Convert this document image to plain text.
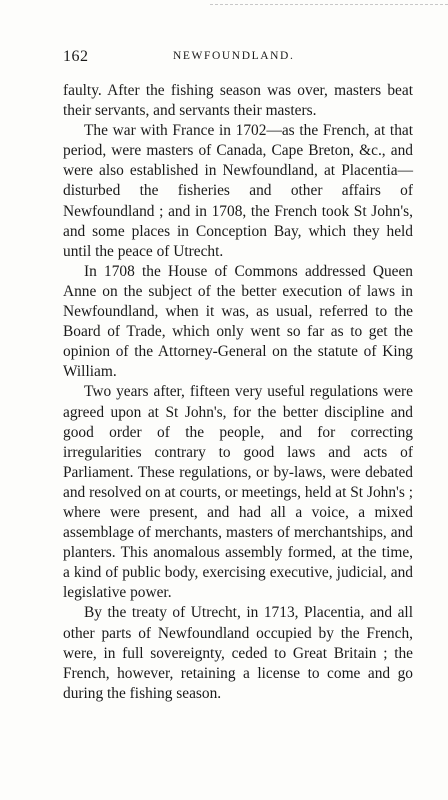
162	NEWFOUNDLAND.

faulty. After the fishing season was over, masters beat their servants, and servants their masters.

The war with France in 1702—as the French, at that period, were masters of Canada, Cape Breton, &c., and were also established in Newfoundland, at Placentia—disturbed the fisheries and other affairs of Newfoundland ; and in 1708, the French took St John's, and some places in Conception Bay, which they held until the peace of Utrecht.

In 1708 the House of Commons addressed Queen Anne on the subject of the better execution of laws in Newfoundland, when it was, as usual, referred to the Board of Trade, which only went so far as to get the opinion of the Attorney-General on the statute of King William.

Two years after, fifteen very useful regulations were agreed upon at St John's, for the better discipline and good order of the people, and for correcting irregularities contrary to good laws and acts of Parliament. These regulations, or by-laws, were debated and resolved on at courts, or meetings, held at St John's ; where were present, and had all a voice, a mixed assemblage of merchants, masters of merchantships, and planters. This anomalous assembly formed, at the time, a kind of public body, exercising executive, judicial, and legislative power.

By the treaty of Utrecht, in 1713, Placentia, and all other parts of Newfoundland occupied by the French, were, in full sovereignty, ceded to Great Britain ; the French, however, retaining a license to come and go during the fishing season.
